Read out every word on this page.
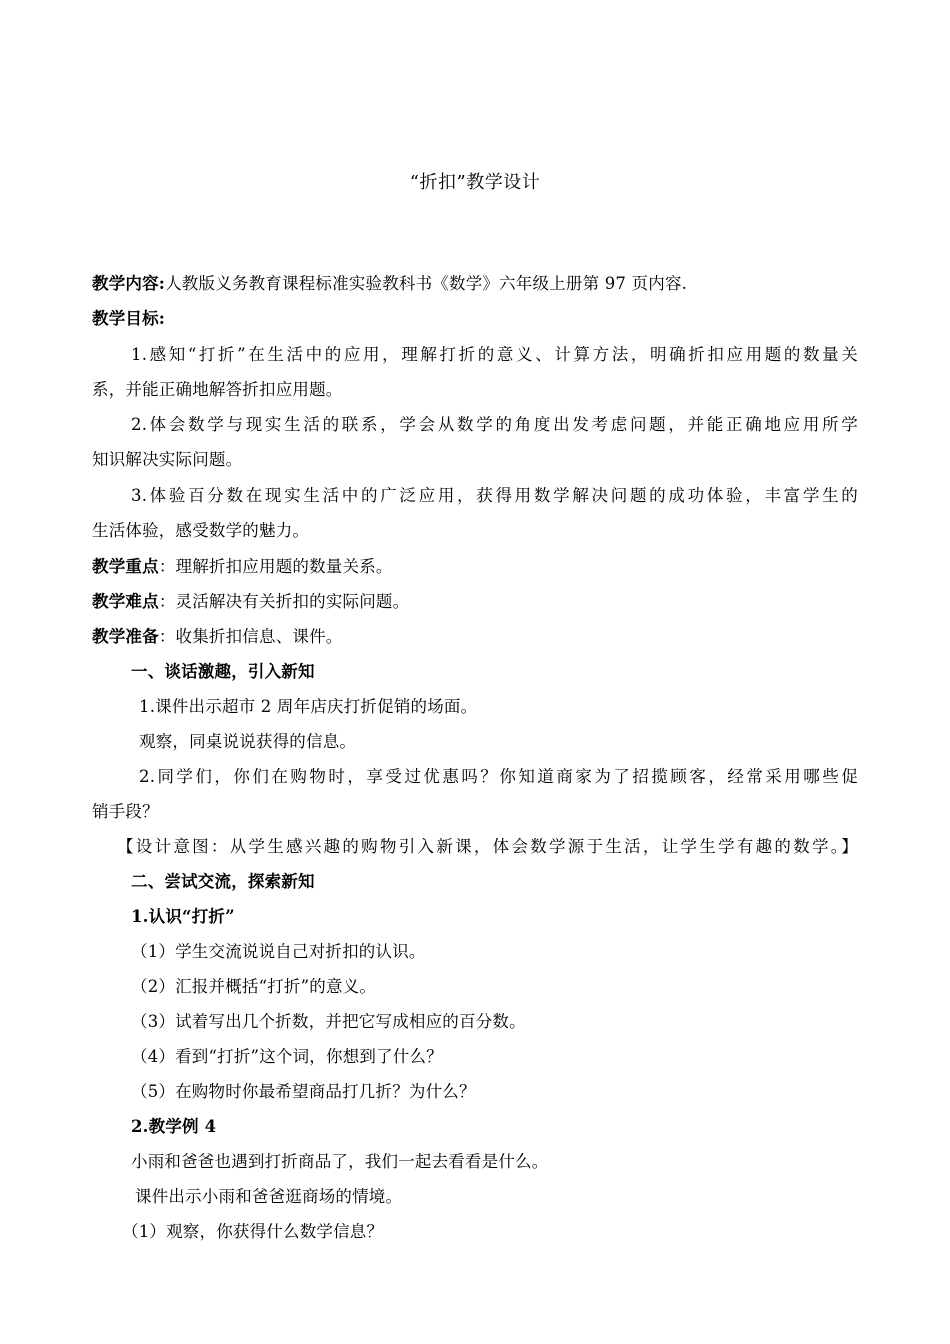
“折扣”教学设计
教学内容:人教版义务教育课程标准实验教科书《数学》六年级上册第 97 页内容.
教学目标:
1.感知“打折”在生活中的应用，理解打折的意义、计算方法，明确折扣应用题的数量关
系，并能正确地解答折扣应用题。
2.体会数学与现实生活的联系，学会从数学的角度出发考虑问题，并能正确地应用所学
知识解决实际问题。
3.体验百分数在现实生活中的广泛应用，获得用数学解决问题的成功体验，丰富学生的
生活体验，感受数学的魅力。
教学重点：理解折扣应用题的数量关系。
教学难点：灵活解决有关折扣的实际问题。
教学准备：收集折扣信息、课件。
一、谈话激趣，引入新知
1.课件出示超市 2 周年店庆打折促销的场面。
观察，同桌说说获得的信息。
2.同学们，你们在购物时，享受过优惠吗？你知道商家为了招揽顾客，经常采用哪些促
销手段？
【设计意图：从学生感兴趣的购物引入新课，体会数学源于生活，让学生学有趣的数学。】
二、尝试交流，探索新知
1.认识“打折”
（1）学生交流说说自己对折扣的认识。
（2）汇报并概括“打折”的意义。
（3）试着写出几个折数，并把它写成相应的百分数。
（4）看到“打折”这个词，你想到了什么？
（5）在购物时你最希望商品打几折？为什么？
2.教学例 4
小雨和爸爸也遇到打折商品了，我们一起去看看是什么。
课件出示小雨和爸爸逛商场的情境。
（1）观察，你获得什么数学信息？
